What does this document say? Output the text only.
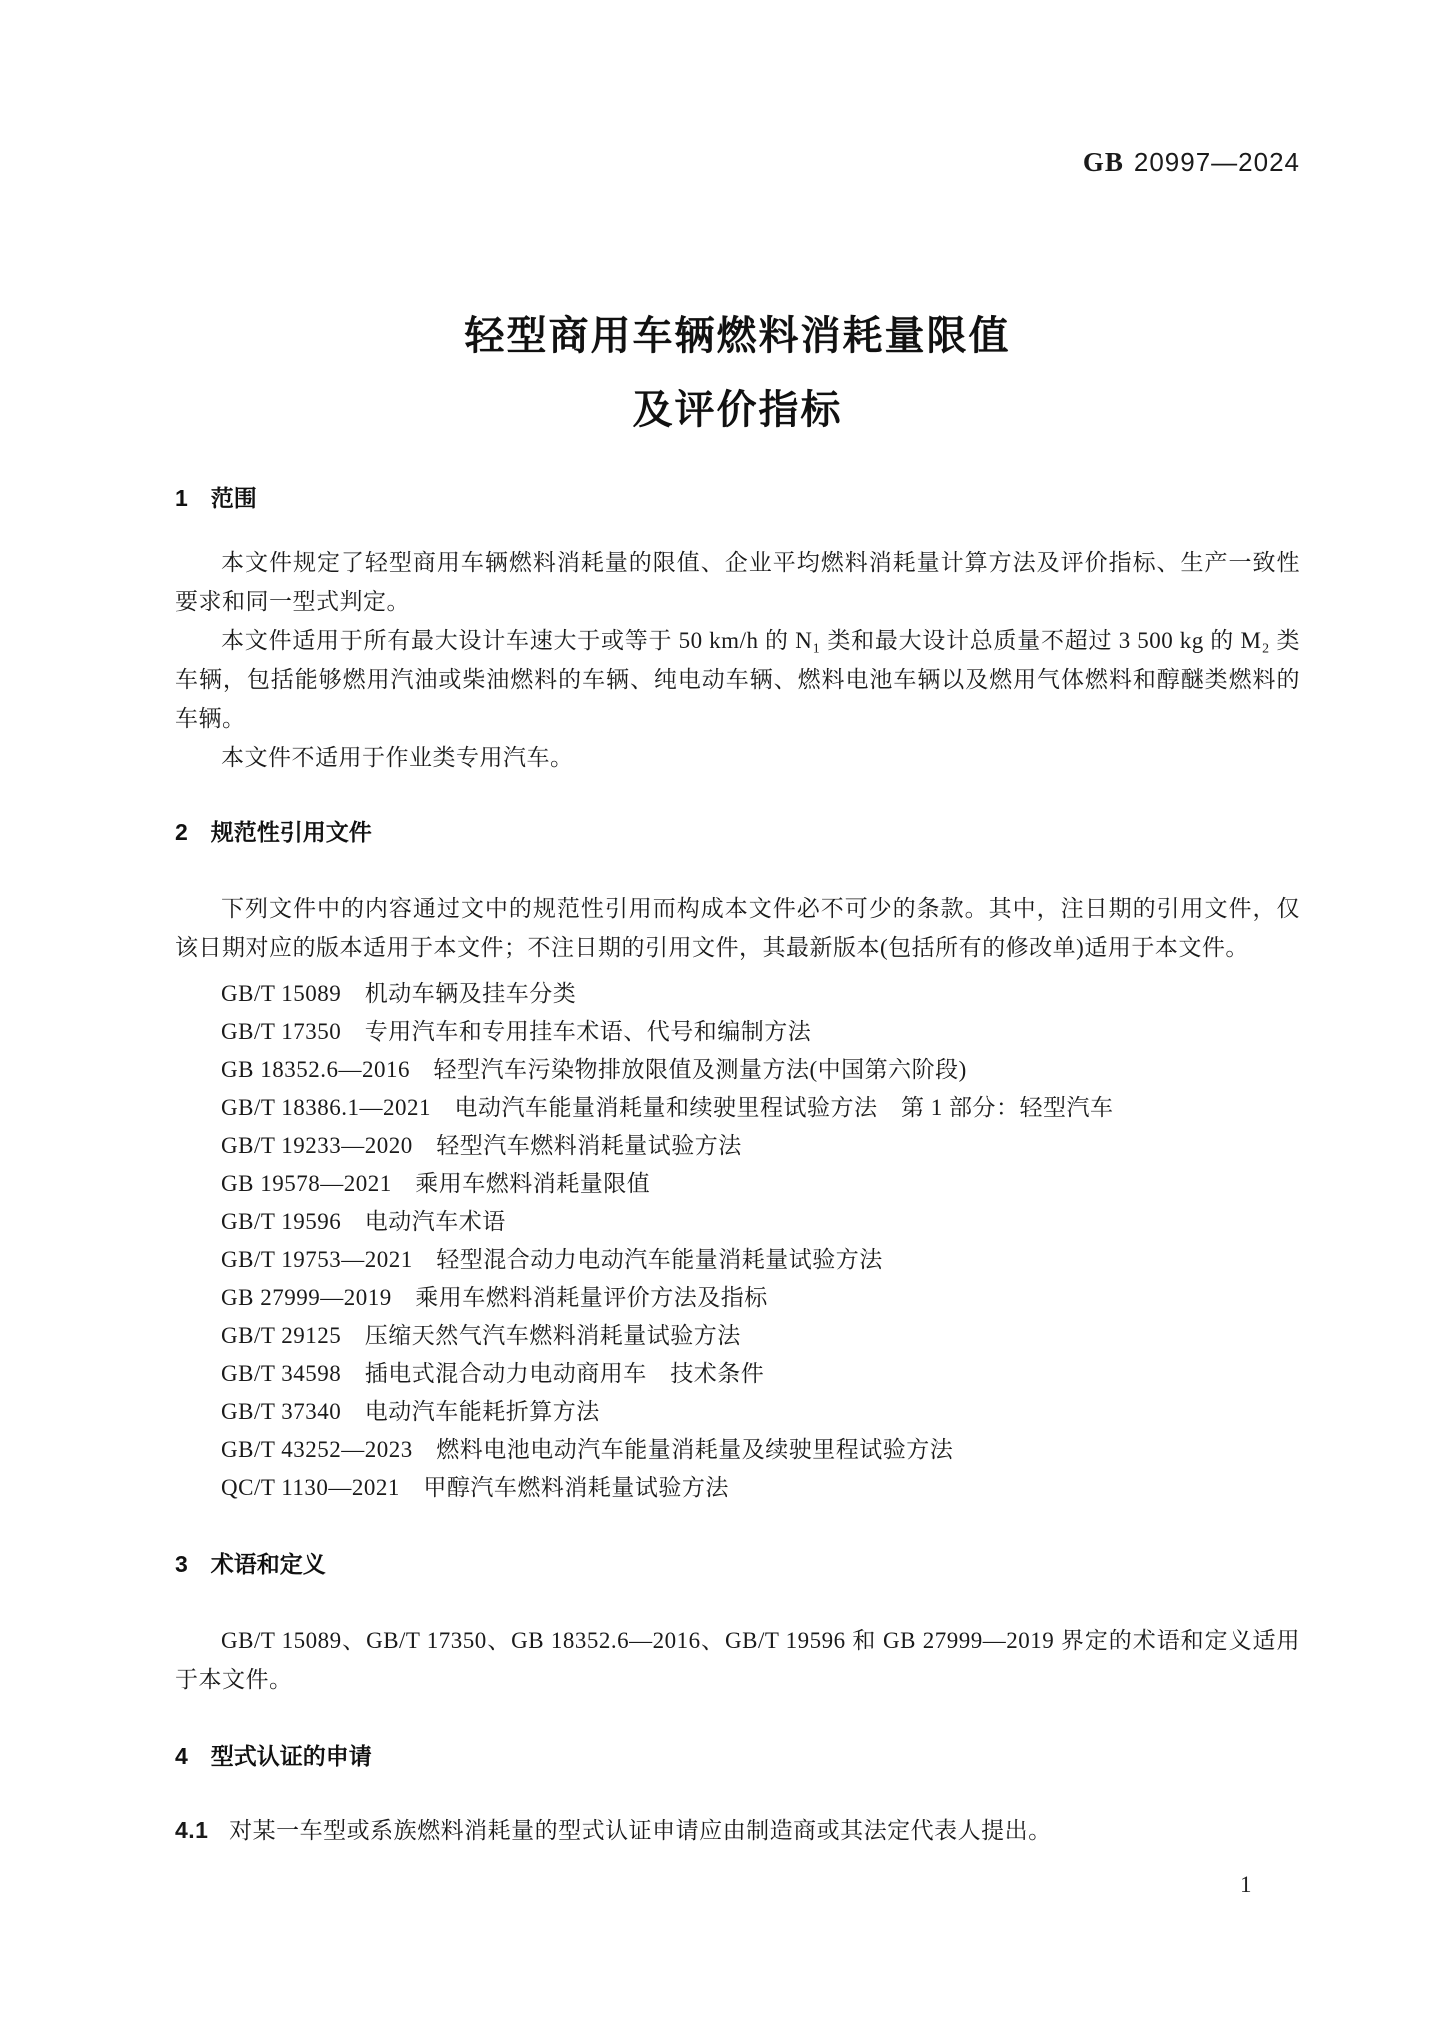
GB 20997—2024
轻型商用车辆燃料消耗量限值
及评价指标
1　范围

本文件规定了轻型商用车辆燃料消耗量的限值、企业平均燃料消耗量计算方法及评价指标、生产一致性要求和同一型式判定。

本文件适用于所有最大设计车速大于或等于 50 km/h 的 N₁ 类和最大设计总质量不超过 3 500 kg 的 M₂ 类车辆，包括能够燃用汽油或柴油燃料的车辆、纯电动车辆、燃料电池车辆以及燃用气体燃料和醇醚类燃料的车辆。

本文件不适用于作业类专用汽车。

2　规范性引用文件

下列文件中的内容通过文中的规范性引用而构成本文件必不可少的条款。其中，注日期的引用文件，仅该日期对应的版本适用于本文件；不注日期的引用文件，其最新版本(包括所有的修改单)适用于本文件。

GB/T 15089　机动车辆及挂车分类
GB/T 17350　专用汽车和专用挂车术语、代号和编制方法
GB 18352.6—2016　轻型汽车污染物排放限值及测量方法(中国第六阶段)
GB/T 18386.1—2021　电动汽车能量消耗量和续驶里程试验方法　第 1 部分：轻型汽车
GB/T 19233—2020　轻型汽车燃料消耗量试验方法
GB 19578—2021　乘用车燃料消耗量限值
GB/T 19596　电动汽车术语
GB/T 19753—2021　轻型混合动力电动汽车能量消耗量试验方法
GB 27999—2019　乘用车燃料消耗量评价方法及指标
GB/T 29125　压缩天然气汽车燃料消耗量试验方法
GB/T 34598　插电式混合动力电动商用车　技术条件
GB/T 37340　电动汽车能耗折算方法
GB/T 43252—2023　燃料电池电动汽车能量消耗量及续驶里程试验方法
QC/T 1130—2021　甲醇汽车燃料消耗量试验方法
3　术语和定义

GB/T 15089、GB/T 17350、GB 18352.6—2016、GB/T 19596 和 GB 27999—2019 界定的术语和定义适用于本文件。

4　型式认证的申请

4.1 对某一车型或系族燃料消耗量的型式认证申请应由制造商或其法定代表人提出。

1
